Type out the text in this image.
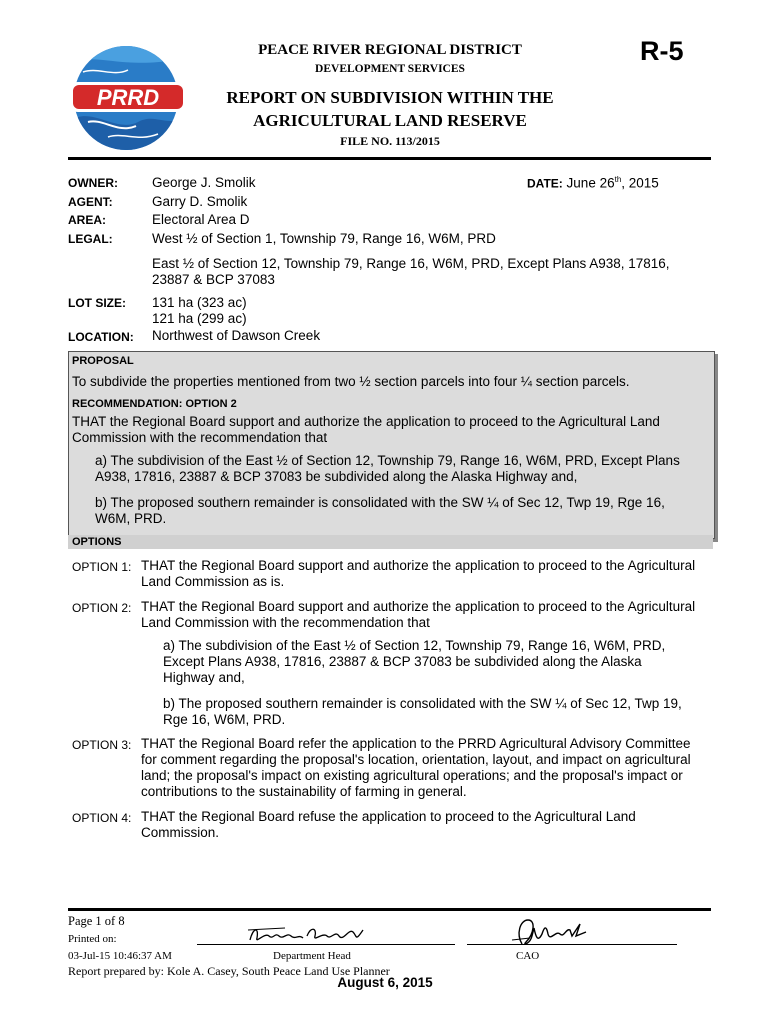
PRRD
PEACE RIVER REGIONAL DISTRICT
DEVELOPMENT SERVICES
R-5
REPORT ON SUBDIVISION WITHIN THE
AGRICULTURAL LAND RESERVE
FILE NO. 113/2015
OWNER:	George J. Smolik	DATE: June 26th, 2015
AGENT:	Garry D. Smolik
AREA:	Electoral Area D
LEGAL:	West ½ of Section 1, Township 79, Range 16, W6M, PRD
East ½ of Section 12, Township 79, Range 16, W6M, PRD, Except Plans A938, 17816,
23887 & BCP 37083
LOT SIZE: 131 ha (323 ac)
121 ha (299 ac)
LOCATION: Northwest of Dawson Creek
PROPOSAL
To subdivide the properties mentioned from two ½ section parcels into four ¼ section parcels.
RECOMMENDATION: OPTION 2
THAT the Regional Board support and authorize the application to proceed to the Agricultural Land
Commission with the recommendation that
a) The subdivision of the East ½ of Section 12, Township 79, Range 16, W6M, PRD, Except Plans
A938, 17816, 23887 & BCP 37083 be subdivided along the Alaska Highway and,
b) The proposed southern remainder is consolidated with the SW ¼ of Sec 12, Twp 19, Rge 16,
W6M, PRD.
OPTIONS
OPTION 1: THAT the Regional Board support and authorize the application to proceed to the Agricultural
Land Commission as is.
OPTION 2: THAT the Regional Board support and authorize the application to proceed to the Agricultural
Land Commission with the recommendation that
a) The subdivision of the East ½ of Section 12, Township 79, Range 16, W6M, PRD,
Except Plans A938, 17816, 23887 & BCP 37083 be subdivided along the Alaska
Highway and,
b) The proposed southern remainder is consolidated with the SW ¼ of Sec 12, Twp 19,
Rge 16, W6M, PRD.
OPTION 3: THAT the Regional Board refer the application to the PRRD Agricultural Advisory Committee
for comment regarding the proposal's location, orientation, layout, and impact on agricultural
land; the proposal's impact on existing agricultural operations; and the proposal's impact or
contributions to the sustainability of farming in general.
OPTION 4: THAT the Regional Board refuse the application to proceed to the Agricultural Land
Commission.
Page 1 of 8
Printed on:
03-Jul-15 10:46:37 AM	Department Head	CAO
Report prepared by: Kole A. Casey, South Peace Land Use Planner
August 6, 2015
